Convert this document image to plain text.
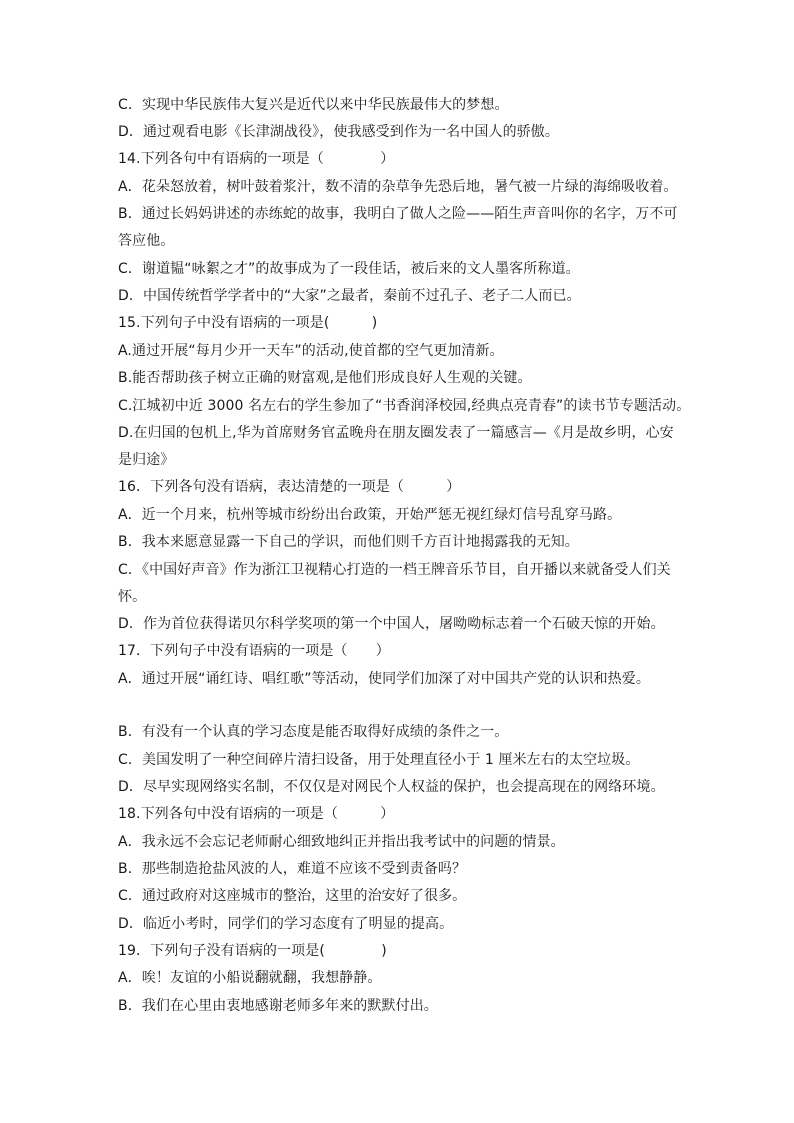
C．实现中华民族伟大复兴是近代以来中华民族最伟大的梦想。
D．通过观看电影《长津湖战役》，使我感受到作为一名中国人的骄傲。
14.下列各句中有语病的一项是（　　　　）
A．花朵怒放着，树叶鼓着浆汁，数不清的杂草争先恐后地，暑气被一片绿的海绵吸收着。
B．通过长妈妈讲述的赤练蛇的故事，我明白了做人之险——陌生声音叫你的名字，万不可
答应他。
C．谢道韫“咏絮之才”的故事成为了一段佳话，被后来的文人墨客所称道。
D．中国传统哲学学者中的“大家”之最者，秦前不过孔子、老子二人而已。
15.下列句子中没有语病的一项是(　　　)
A.通过开展“每月少开一天车”的活动,使首都的空气更加清新。
B.能否帮助孩子树立正确的财富观,是他们形成良好人生观的关键。
C.江城初中近 3000 名左右的学生参加了“书香润泽校园,经典点亮青春”的读书节专题活动。
D.在归国的包机上,华为首席财务官孟晚舟在朋友圈发表了一篇感言—《月是故乡明，心安
是归途》
16．下列各句没有语病，表达清楚的一项是（　　　）
A．近一个月来，杭州等城市纷纷出台政策，开始严惩无视红绿灯信号乱穿马路。
B．我本来愿意显露一下自己的学识，而他们则千方百计地揭露我的无知。
C．《中国好声音》作为浙江卫视精心打造的一档王牌音乐节目，自开播以来就备受人们关
怀。
D．作为首位获得诺贝尔科学奖项的第一个中国人，屠呦呦标志着一个石破天惊的开始。
17．下列句子中没有语病的一项是（　　）
A．通过开展“诵红诗、唱红歌”等活动，使同学们加深了对中国共产党的认识和热爱。
B．有没有一个认真的学习态度是能否取得好成绩的条件之一。
C．美国发明了一种空间碎片清扫设备，用于处理直径小于 1 厘米左右的太空垃圾。
D．尽早实现网络实名制，不仅仅是对网民个人权益的保护，也会提高现在的网络环境。
18.下列各句中没有语病的一项是（　　　）
A．我永远不会忘记老师耐心细致地纠正并指出我考试中的问题的情景。
B．那些制造抢盐风波的人，难道不应该不受到责备吗？
C．通过政府对这座城市的整治，这里的治安好了很多。
D．临近小考时，同学们的学习态度有了明显的提高。
19．下列句子没有语病的一项是(　　　　)
A．唉！友谊的小船说翻就翻，我想静静。
B．我们在心里由衷地感谢老师多年来的默默付出。
